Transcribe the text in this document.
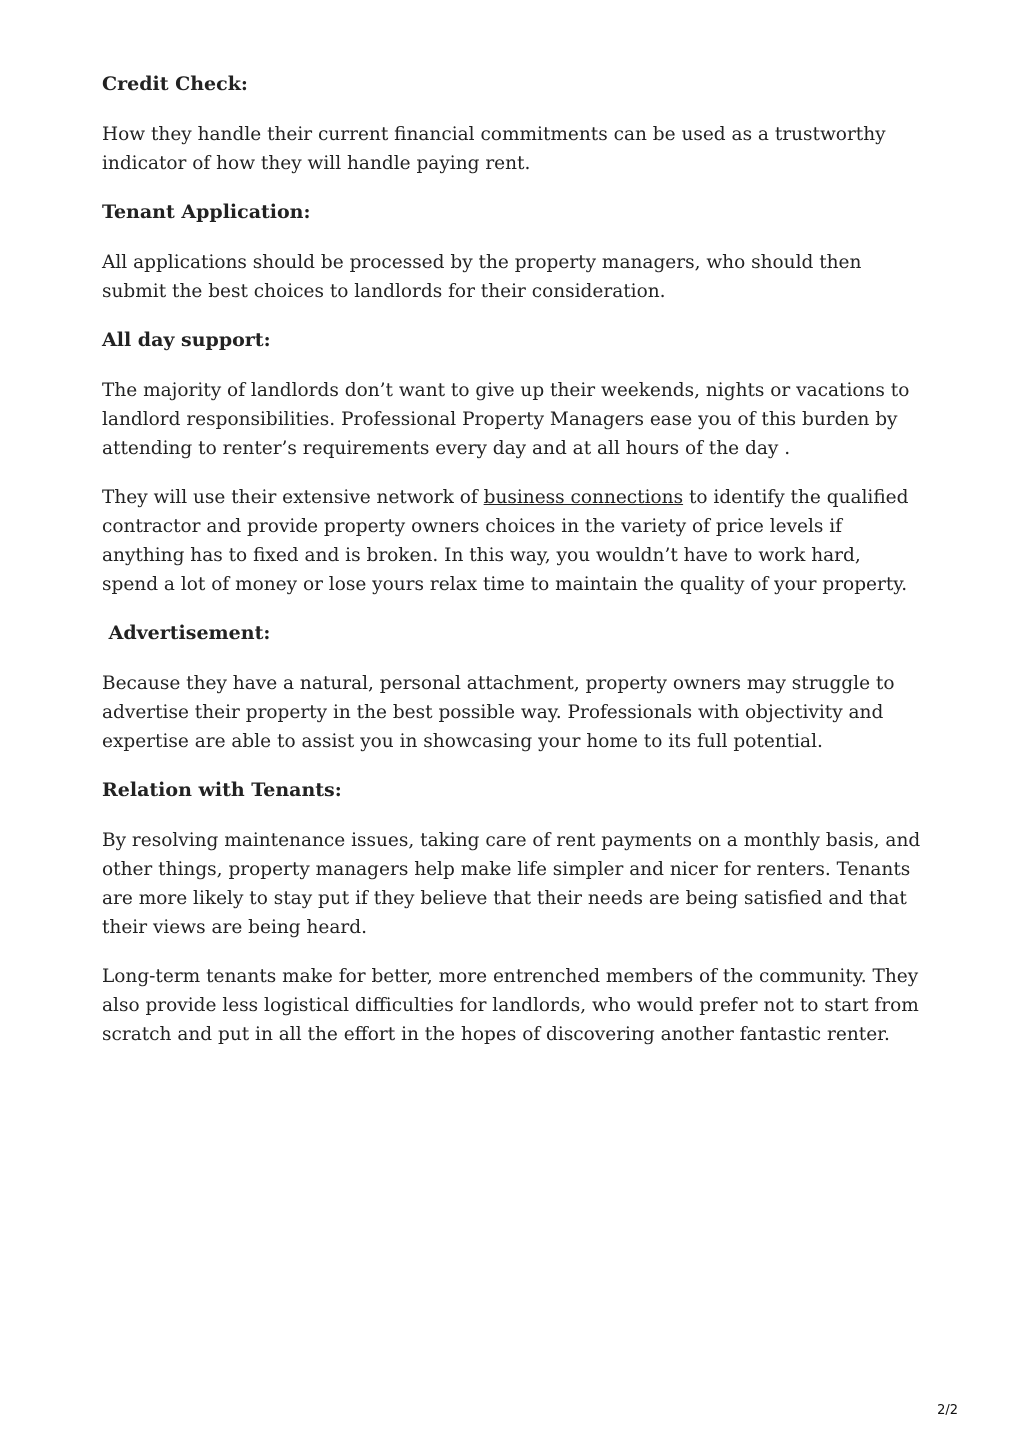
Credit Check:

How they handle their current financial commitments can be used as a trustworthy indicator of how they will handle paying rent.

Tenant Application:

All applications should be processed by the property managers, who should then submit the best choices to landlords for their consideration.

All day support:

The majority of landlords don’t want to give up their weekends, nights or vacations to landlord responsibilities. Professional Property Managers ease you of this burden by attending to renter’s requirements every day and at all hours of the day .

They will use their extensive network of business connections to identify the qualified contractor and provide property owners choices in the variety of price levels if anything has to fixed and is broken. In this way, you wouldn’t have to work hard, spend a lot of money or lose yours relax time to maintain the quality of your property.

Advertisement:

Because they have a natural, personal attachment, property owners may struggle to advertise their property in the best possible way. Professionals with objectivity and expertise are able to assist you in showcasing your home to its full potential.

Relation with Tenants:

By resolving maintenance issues, taking care of rent payments on a monthly basis, and other things, property managers help make life simpler and nicer for renters. Tenants are more likely to stay put if they believe that their needs are being satisfied and that their views are being heard.

Long-term tenants make for better, more entrenched members of the community. They also provide less logistical difficulties for landlords, who would prefer not to start from scratch and put in all the effort in the hopes of discovering another fantastic renter.

2/2
